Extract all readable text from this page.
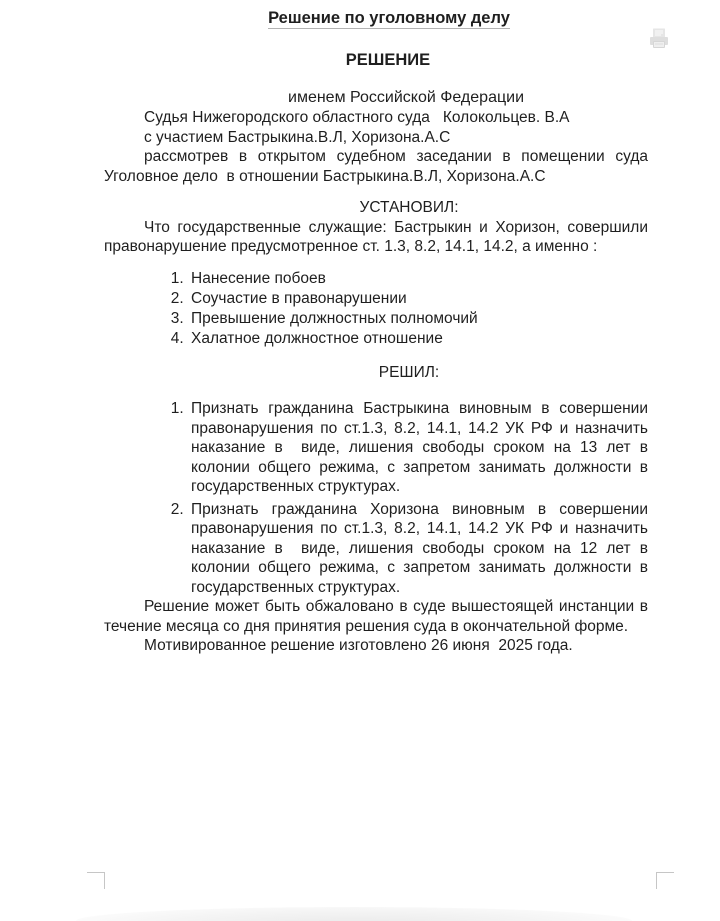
Решение по уголовному делу
РЕШЕНИЕ
именем Российской Федерации

Судья Нижегородского областного суда   Колокольцев. В.А

с участием Бастрыкина.В.Л, Хоризона.А.С

рассмотрев в открытом судебном заседании в помещении суда Уголовное дело  в отношении Бастрыкина.В.Л, Хоризона.А.С

УСТАНОВИЛ:

Что государственные служащие: Бастрыкин и Хоризон, совершили правонарушение предусмотренное ст. 1.3, 8.2, 14.1, 14.2, а именно :

1. Нанесение побоев
2. Соучастие в правонарушении
3. Превышение должностных полномочий
4. Халатное должностное отношение
РЕШИЛ:
1. Признать гражданина Бастрыкина виновным в совершении правонарушения по ст.1.3, 8.2, 14.1, 14.2 УК РФ и назначить наказание в  виде, лишения свободы сроком на 13 лет в колонии общего режима, с запретом занимать должности в государственных структурах.
2. Признать гражданина Хоризона виновным в совершении правонарушения по ст.1.3, 8.2, 14.1, 14.2 УК РФ и назначить наказание в  виде, лишения свободы сроком на 12 лет в колонии общего режима, с запретом занимать должности в государственных структурах.

Решение может быть обжаловано в суде вышестоящей инстанции в течение месяца со дня принятия решения суда в окончательной форме.

Мотивированное решение изготовлено 26 июня  2025 года.
